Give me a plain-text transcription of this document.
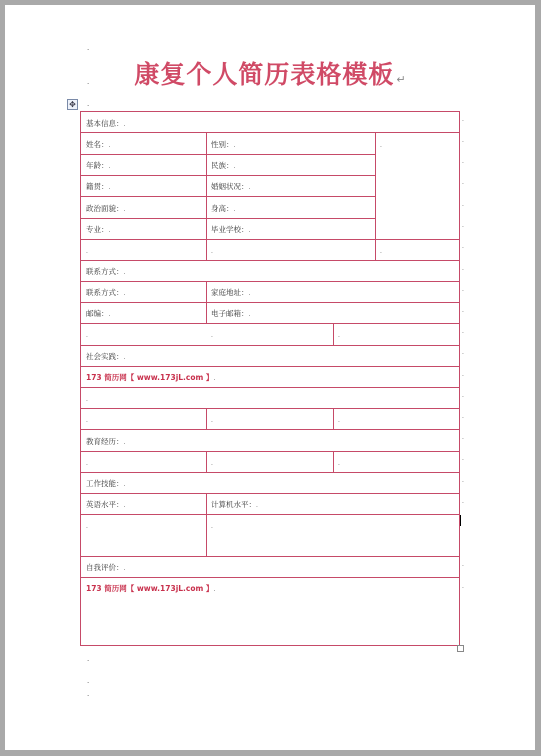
.
.
.
康复个人简历表格模板 ↵
✥
基本信息：.
姓名：.	性别：.	.
年龄：.	民族：.
籍贯：.	婚姻状况：.
政治面貌：.	身高：.
专业：.	毕业学校：.
.	.	.
联系方式：.
联系方式：.	家庭地址：.
邮编：.	电子邮箱：.
.	.	.
社会实践：.
173 简历网【 www.173jL.com 】.
.
.	.	.
教育经历：.
.	.	.
工作技能：.
英语水平：.	计算机水平：.
.	.
自我评价：.
173 简历网【 www.173jL.com 】.
.
.
.
.
.
.
.
.
.
.
.
.
.
.
.
.
.
.
.
.
.
.
.
.
